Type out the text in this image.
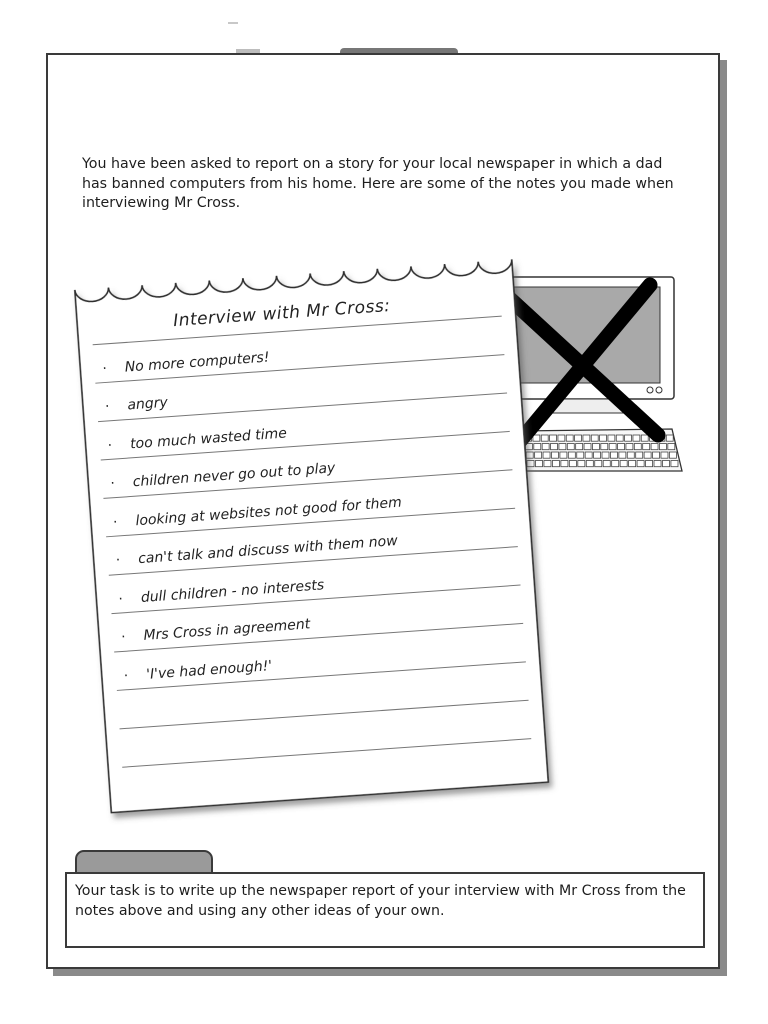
You have been asked to report on a story for your local newspaper in which a dad has banned computers from his home. Here are some of the notes you made when interviewing Mr Cross.

Interview with Mr Cross:
· No more computers!
· angry
· too much wasted time
· children never go out to play
· looking at websites not good for them
· can't talk and discuss with them now
· dull children - no interests
· Mrs Cross in agreement
· 'I've had enough!'

Your task is to write up the newspaper report of your interview with Mr Cross from the notes above and using any other ideas of your own.
